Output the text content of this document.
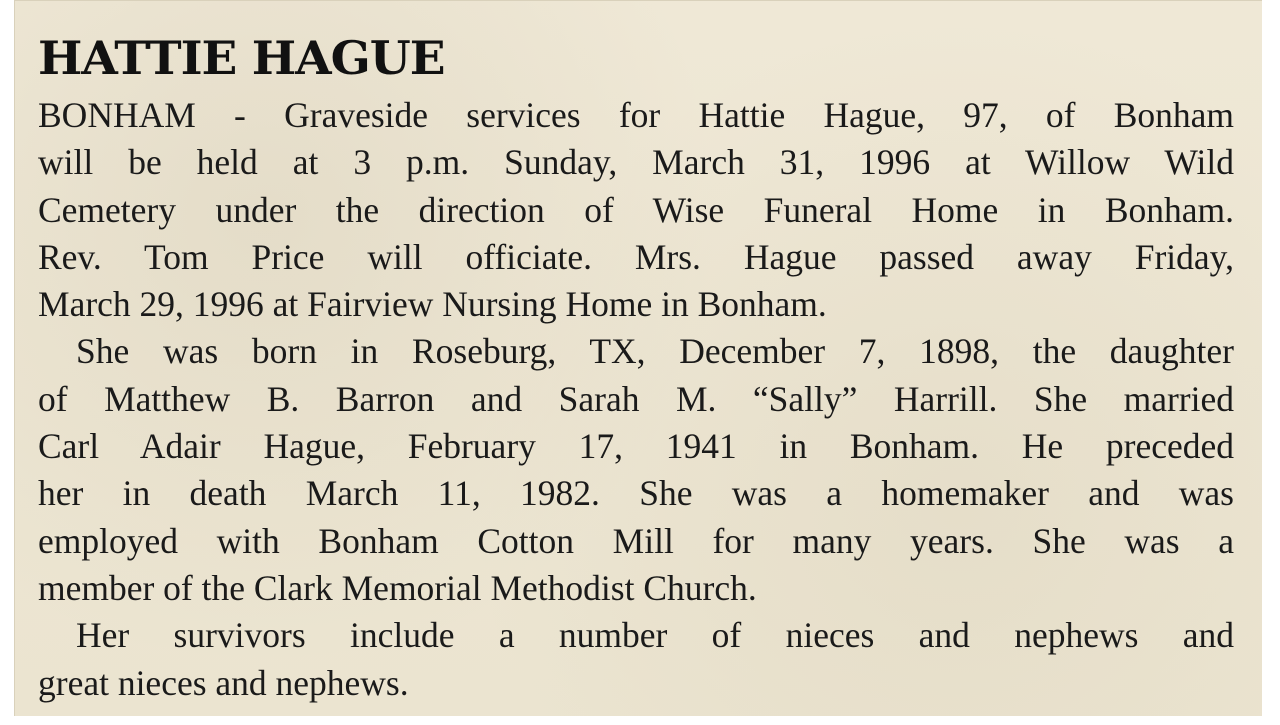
HATTIE HAGUE
BONHAM - Graveside services for Hattie Hague, 97, of Bonham
will be held at 3 p.m. Sunday, March 31, 1996 at Willow Wild
Cemetery under the direction of Wise Funeral Home in Bonham.
Rev. Tom Price will officiate. Mrs. Hague passed away Friday,
March 29, 1996 at Fairview Nursing Home in Bonham.
She was born in Roseburg, TX, December 7, 1898, the daughter
of Matthew B. Barron and Sarah M. “Sally” Harrill. She married
Carl Adair Hague, February 17, 1941 in Bonham. He preceded
her in death March 11, 1982. She was a homemaker and was
employed with Bonham Cotton Mill for many years. She was a
member of the Clark Memorial Methodist Church.
Her survivors include a number of nieces and nephews and
great nieces and nephews.
